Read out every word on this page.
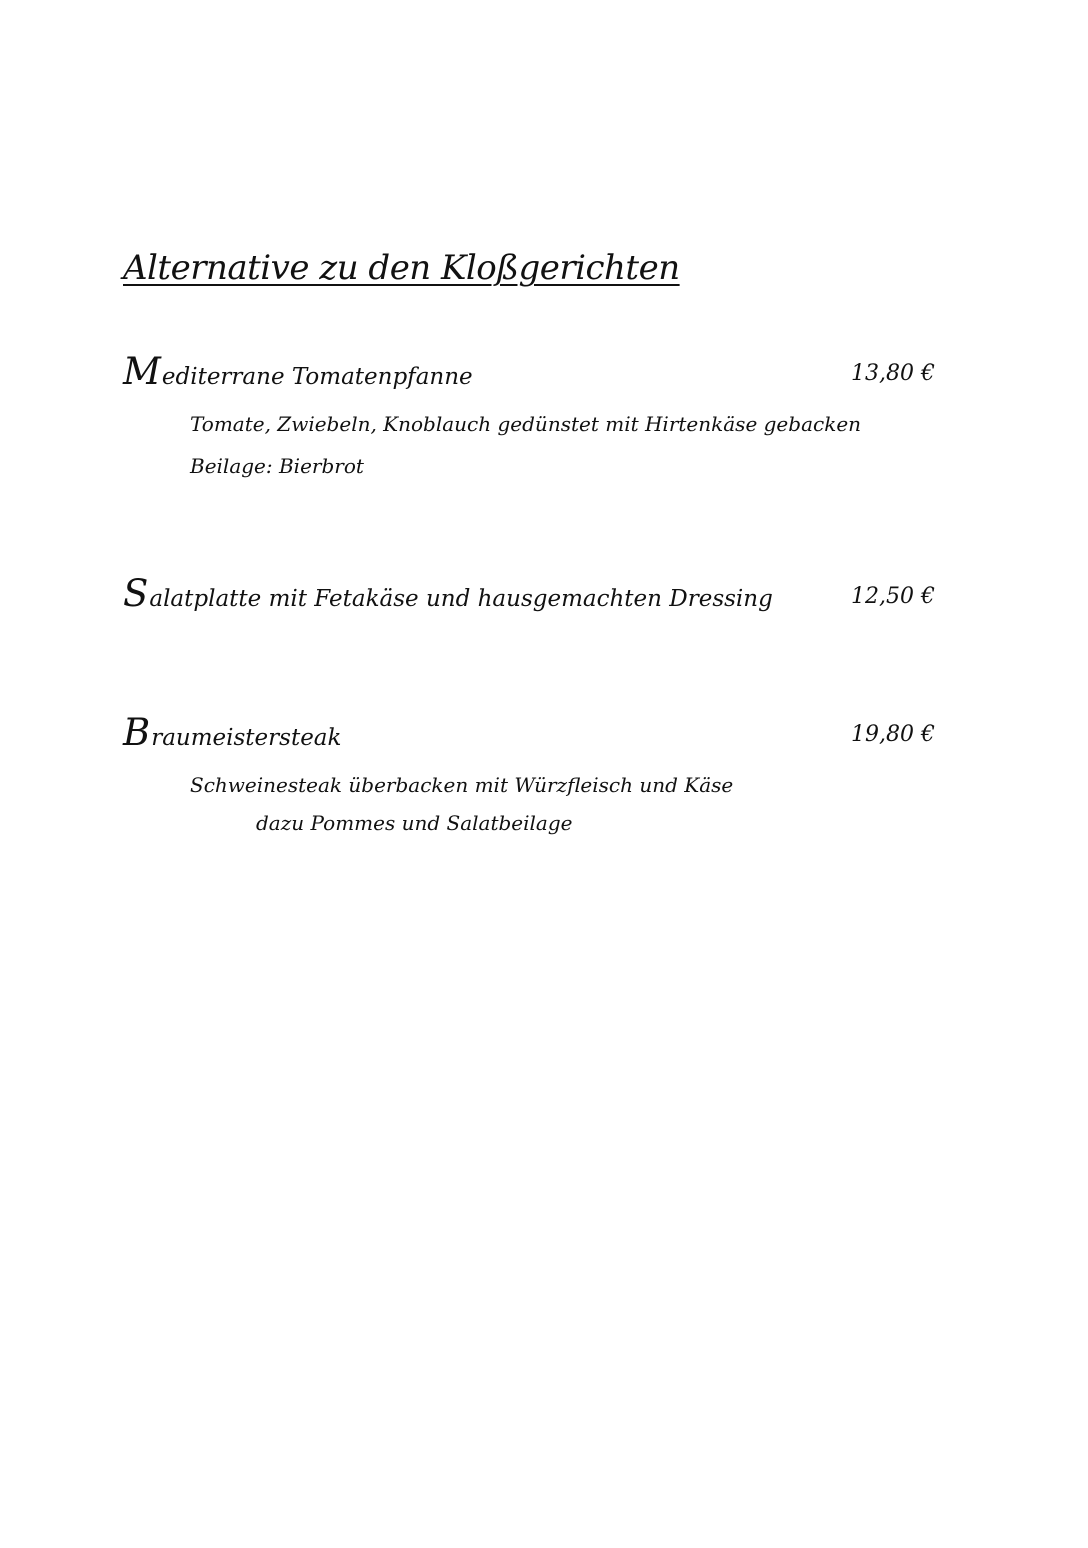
Alternative zu den Kloßgerichten
Mediterrane Tomatenpfanne	13,80 €
Tomate, Zwiebeln, Knoblauch gedünstet mit Hirtenkäse gebacken
Beilage: Bierbrot
Salatplatte mit Fetakäse und hausgemachten Dressing	12,50 €
Braumeistersteak	19,80 €
Schweinesteak überbacken mit Würzfleisch und Käse
dazu Pommes und Salatbeilage
